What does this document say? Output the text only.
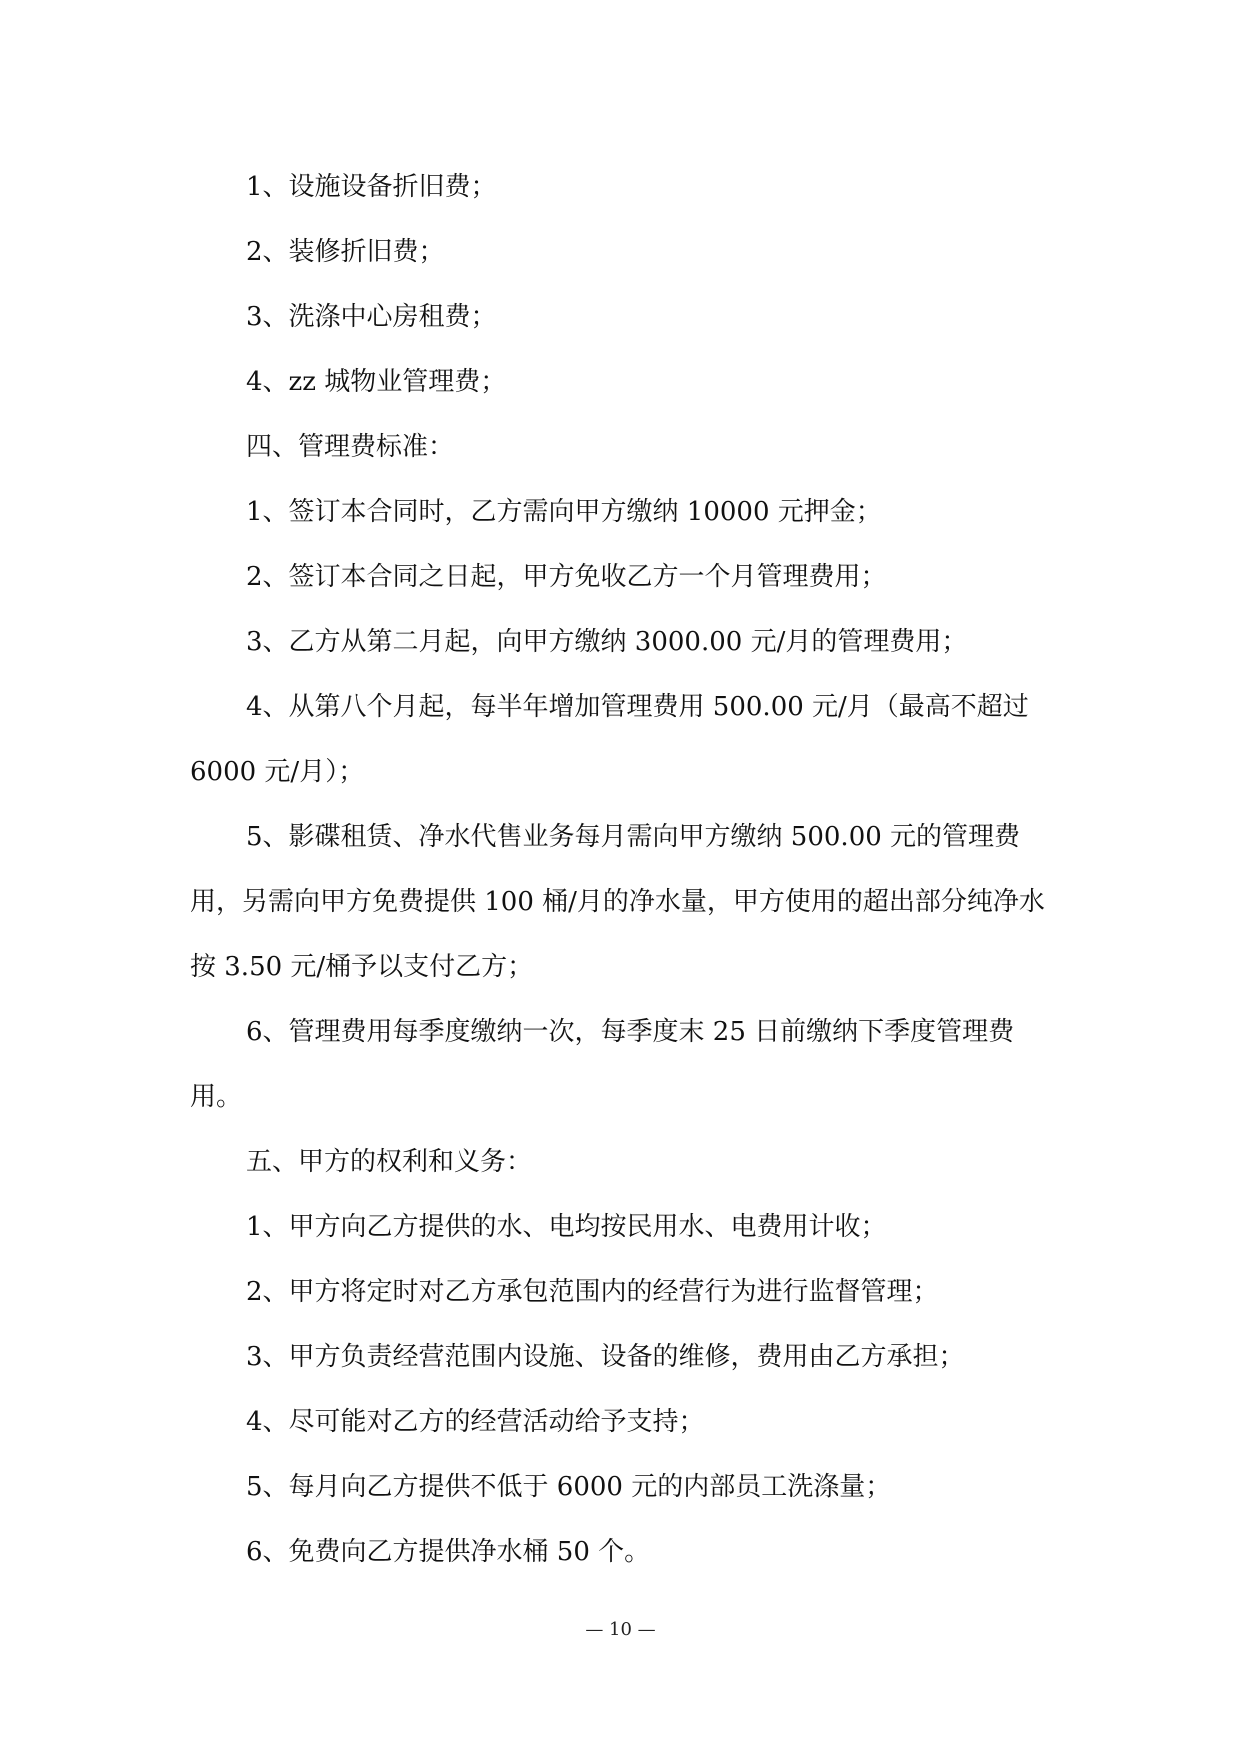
1、设施设备折旧费；

2、装修折旧费；

3、洗涤中心房租费；

4、zz 城物业管理费；

四、管理费标准：

1、签订本合同时，乙方需向甲方缴纳 10000 元押金；

2、签订本合同之日起，甲方免收乙方一个月管理费用；

3、乙方从第二月起，向甲方缴纳 3000.00 元/月的管理费用；

4、从第八个月起，每半年增加管理费用 500.00 元/月（最高不超过 6000 元/月）；

5、影碟租赁、净水代售业务每月需向甲方缴纳 500.00 元的管理费用，另需向甲方免费提供 100 桶/月的净水量，甲方使用的超出部分纯净水按 3.50 元/桶予以支付乙方；

6、管理费用每季度缴纳一次，每季度末 25 日前缴纳下季度管理费用。

五、甲方的权利和义务：

1、甲方向乙方提供的水、电均按民用水、电费用计收；

2、甲方将定时对乙方承包范围内的经营行为进行监督管理；

3、甲方负责经营范围内设施、设备的维修，费用由乙方承担；

4、尽可能对乙方的经营活动给予支持；

5、每月向乙方提供不低于 6000 元的内部员工洗涤量；

6、免费向乙方提供净水桶 50 个。

— 10 —
